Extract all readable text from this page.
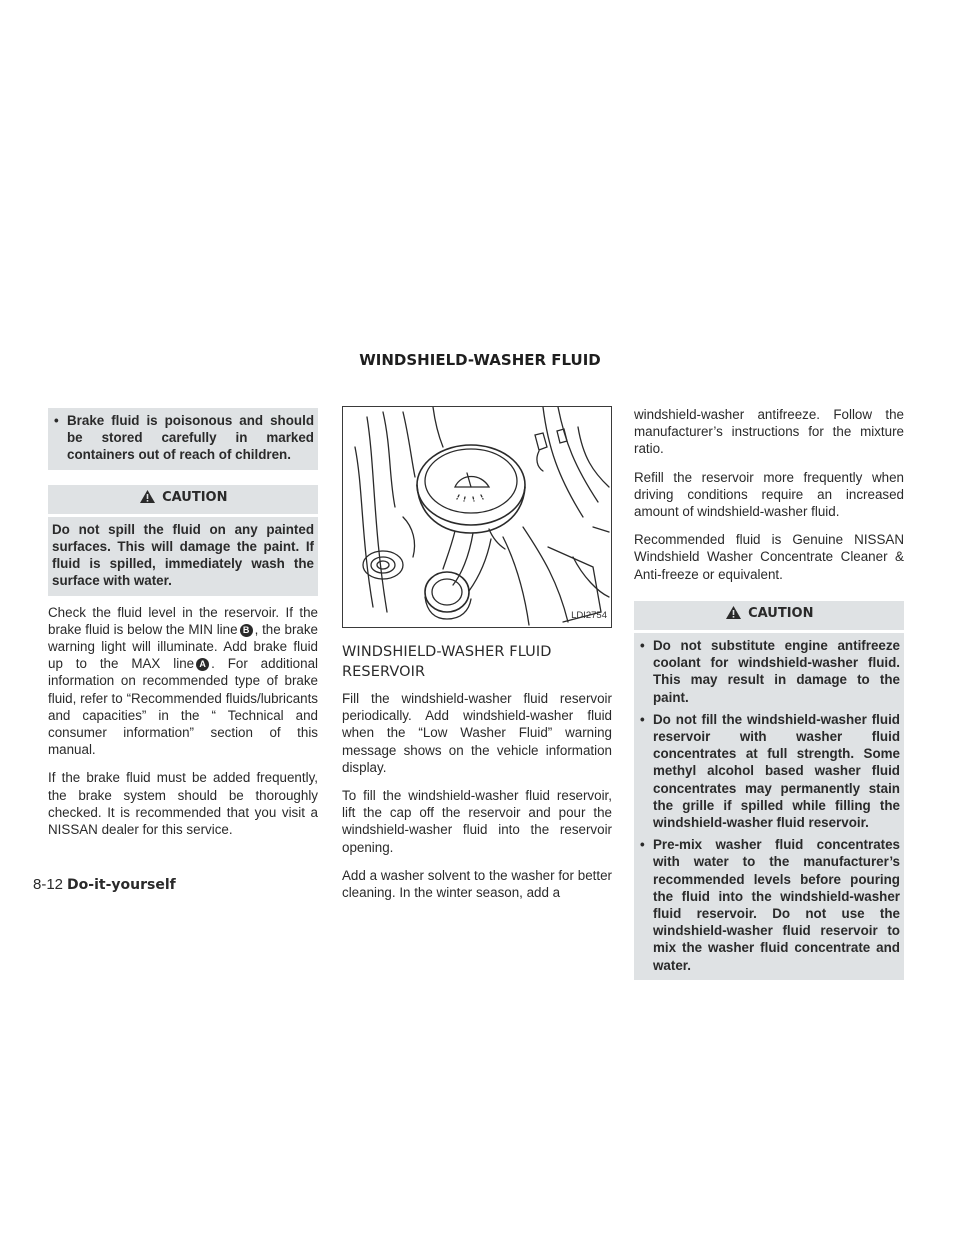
WINDSHIELD-WASHER FLUID
• Brake fluid is poisonous and should be stored carefully in marked containers out of reach of children.
CAUTION
Do not spill the fluid on any painted surfaces. This will damage the paint. If fluid is spilled, immediately wash the surface with water.

Check the fluid level in the reservoir. If the brake fluid is below the MIN line B , the brake warning light will illuminate. Add brake fluid up to the MAX line A . For additional information on recommended type of brake fluid, refer to “Recommended fluids/lubricants and capacities” in the “ Technical and consumer information” section of this manual.

If the brake fluid must be added frequently, the brake system should be thoroughly checked. It is recommended that you visit a NISSAN dealer for this service.

LDI2754
WINDSHIELD-WASHER FLUID RESERVOIR

Fill the windshield-washer fluid reservoir periodically. Add windshield-washer fluid when the “Low Washer Fluid” warning message shows on the vehicle information display.

To fill the windshield-washer fluid reservoir, lift the cap off the reservoir and pour the windshield-washer fluid into the reservoir opening.

Add a washer solvent to the washer for better cleaning. In the winter season, add a

windshield-washer antifreeze. Follow the manufacturer’s instructions for the mixture ratio.

Refill the reservoir more frequently when driving conditions require an increased amount of windshield-washer fluid.

Recommended fluid is Genuine NISSAN Windshield Washer Concentrate Cleaner & Anti-freeze or equivalent.

CAUTION
• Do not substitute engine antifreeze coolant for windshield-washer fluid. This may result in damage to the paint.
• Do not fill the windshield-washer fluid reservoir with washer fluid concentrates at full strength. Some methyl alcohol based washer fluid concentrates may permanently stain the grille if spilled while filling the windshield-washer fluid reservoir.
• Pre-mix washer fluid concentrates with water to the manufacturer’s recommended levels before pouring the fluid into the windshield-washer fluid reservoir. Do not use the windshield-washer fluid reservoir to mix the washer fluid concentrate and water.
8-12 Do-it-yourself
